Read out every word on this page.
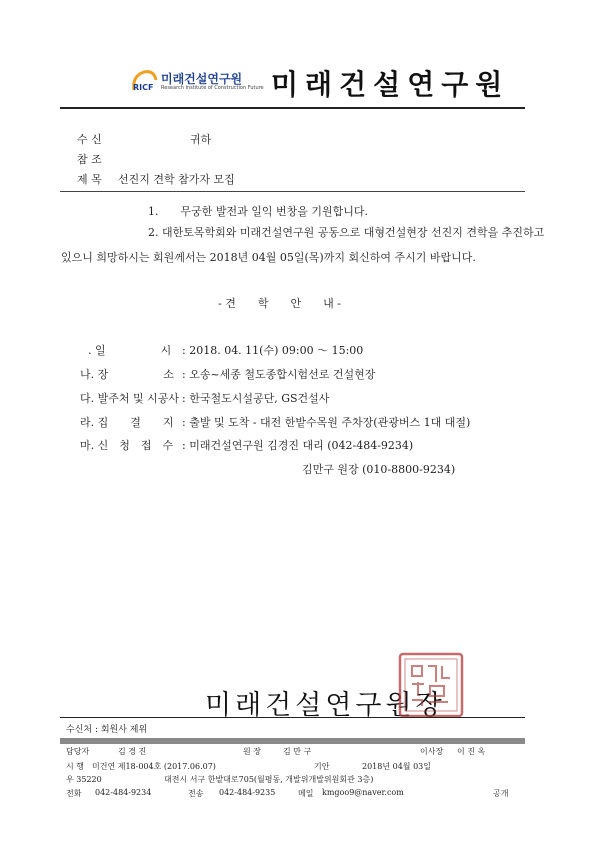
RICF
미래건설연구원
Research Institute of Construction Future 미래건설연구원
수 신	귀하
참 조
제 목 선진지 견학 참가자 모집
1.　　무궁한 발전과 일익 번창을 기원합니다.
2. 대한토목학회와 미래건설연구원 공동으로 대형건설현장 선진지 견학을 추진하고
있으니 희망하시는 회원께서는 2018년 04월 05일(목)까지 회신하여 주시기 바랍니다.
- 견　　학　　안　　내 -
. 일　　　　　시 : 2018. 04. 11(수) 09:00 ～ 15:00
나. 장　　　　　소 : 오송~세종 철도종합시험선로 건설현장
다. 발주처 및 시공사 : 한국철도시설공단, GS건설사
라. 집　　결　　지 : 출발 및 도착 - 대전 한밭수목원 주차장(관광버스 1대 대절)
마. 신　청　접　수 : 미래건설연구원 김경진 대리 (042-484-9234)
김만구 원장 (010-8800-9234)
미래건설연구원장
수신처 : 회원사 제위
담당자	김 경 진	원 장	김 만 구	이사장 이 진 옥
시 행 미건연 제18-004호 (2017.06.07)	기안	2018년 04월 03일
우 35220	대전시 서구 한밭대로705(월평동, 개발위개발위원회관 3층)
전화 042-484-9234	전송 042-484-9235	메일 kmgoo9@naver.com	공개
